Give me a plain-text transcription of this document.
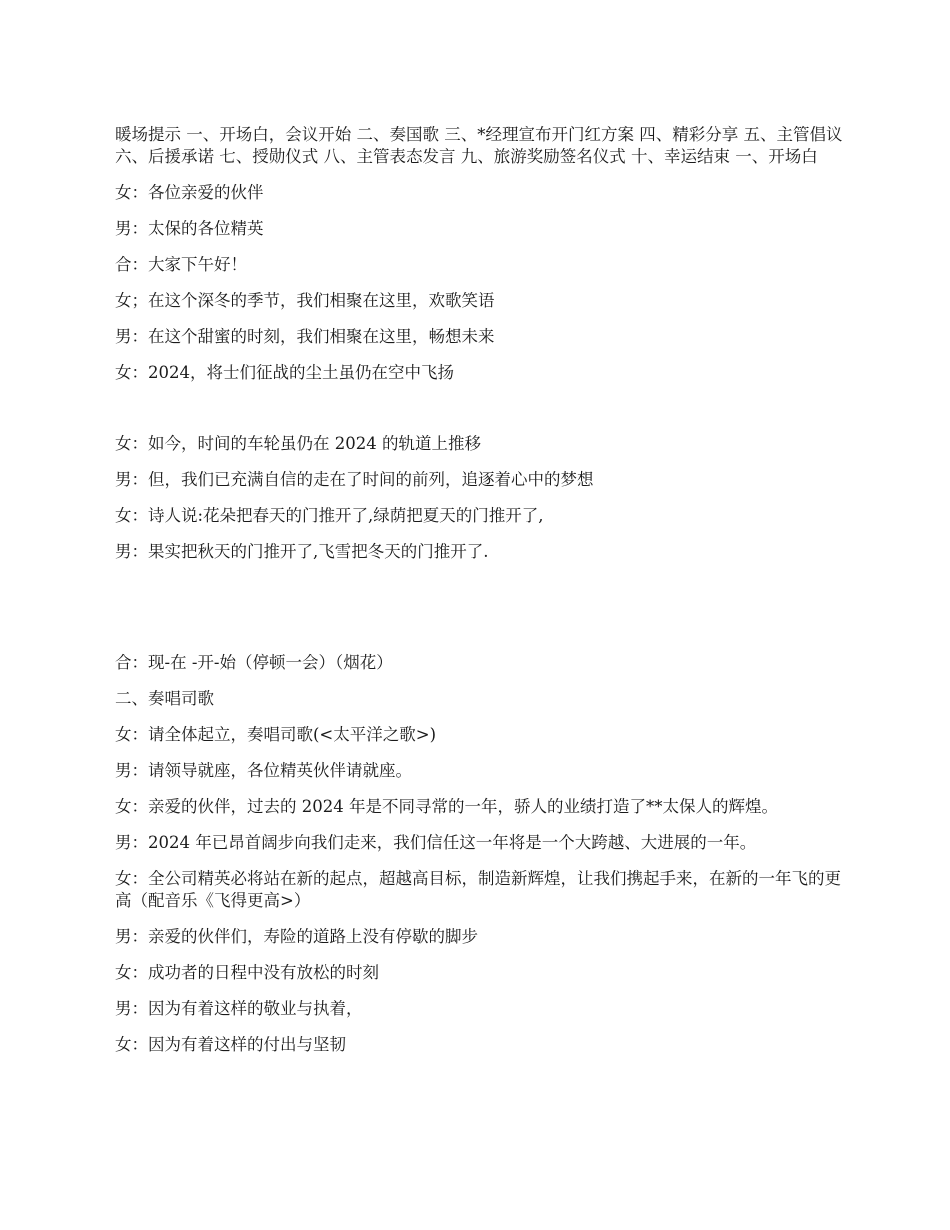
暖场提示 一、开场白，会议开始 二、奏国歌 三、*经理宣布开门红方案 四、精彩分享 五、主管倡议 六、后援承诺 七、授勋仪式 八、主管表态发言 九、旅游奖励签名仪式 十、幸运结束 一、开场白

女：各位亲爱的伙伴

男：太保的各位精英

合：大家下午好！

女；在这个深冬的季节，我们相聚在这里，欢歌笑语

男：在这个甜蜜的时刻，我们相聚在这里，畅想未来

女：2024，将士们征战的尘土虽仍在空中飞扬

女：如今，时间的车轮虽仍在 2024 的轨道上推移

男：但，我们已充满自信的走在了时间的前列，追逐着心中的梦想

女：诗人说:花朵把春天的门推开了,绿荫把夏天的门推开了,

男：果实把秋天的门推开了,飞雪把冬天的门推开了.

合：现-在 -开-始（停顿一会）（烟花）

二、奏唱司歌

女：请全体起立，奏唱司歌(<太平洋之歌>)

男：请领导就座，各位精英伙伴请就座。

女：亲爱的伙伴，过去的 2024 年是不同寻常的一年，骄人的业绩打造了**太保人的辉煌。

男：2024 年已昂首阔步向我们走来，我们信任这一年将是一个大跨越、大进展的一年。

女：全公司精英必将站在新的起点，超越高目标，制造新辉煌，让我们携起手来，在新的一年飞的更高（配音乐《飞得更高>）

男：亲爱的伙伴们，寿险的道路上没有停歇的脚步

女：成功者的日程中没有放松的时刻

男：因为有着这样的敬业与执着，

女：因为有着这样的付出与坚韧
